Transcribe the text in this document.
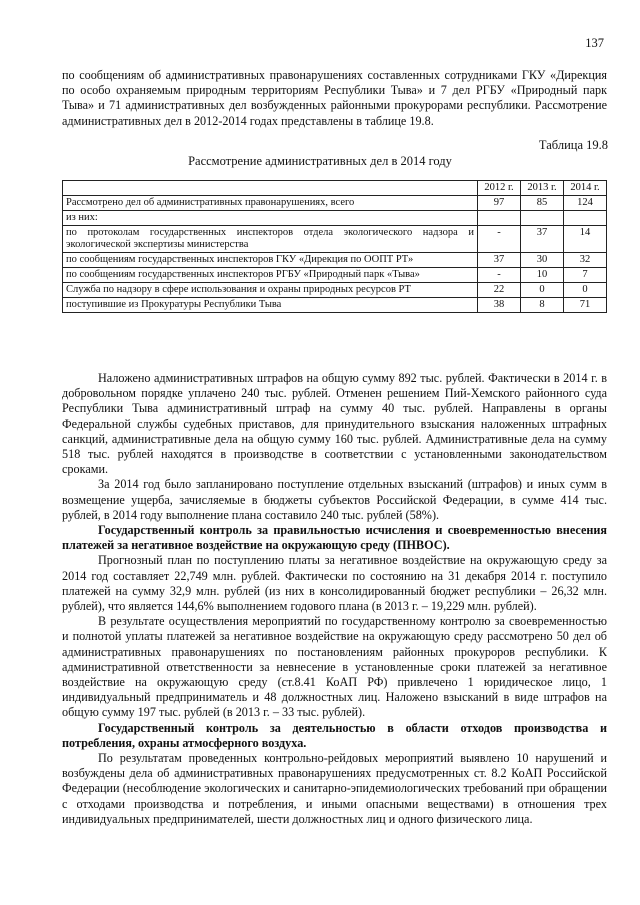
137

по сообщениям об административных правонарушениях составленных сотрудниками ГКУ «Дирекция по особо охраняемым природным территориям Республики Тыва» и 7 дел РГБУ «Природный парк Тыва» и 71 административных дел возбужденных районными прокурорами республики. Рассмотрение административных дел в 2012-2014 годах представлены в таблице 19.8.

Таблица 19.8
Рассмотрение административных дел в 2014 году
	2012 г.	2013 г.	2014 г.
Рассмотрено дел об административных правонарушениях, всего	97	85	124
из них:			
по протоколам государственных инспекторов отдела экологического надзора и экологической экспертизы министерства	-	37	14
по сообщениям государственных инспекторов ГКУ «Дирекция по ООПТ РТ»	37	30	32
по сообщениям государственных инспекторов РГБУ «Природный парк «Тыва»	-	10	7
Служба по надзору в сфере использования и охраны природных ресурсов РТ	22	0	0
поступившие из Прокуратуры Республики Тыва	38	8	71

Наложено административных штрафов на общую сумму 892 тыс. рублей. Фактически в 2014 г. в добровольном порядке уплачено 240 тыс. рублей. Отменен решением Пий-Хемского районного суда Республики Тыва административный штраф на сумму 40 тыс. рублей. Направлены в органы Федеральной службы судебных приставов, для принудительного взыскания наложенных штрафных санкций, административные дела на общую сумму 160 тыс. рублей. Административные дела на сумму 518 тыс. рублей находятся в производстве в соответствии с установленными законодательством сроками.

За 2014 год было запланировано поступление отдельных взысканий (штрафов) и иных сумм в возмещение ущерба, зачисляемые в бюджеты субъектов Российской Федерации, в сумме 414 тыс. рублей, в 2014 году выполнение плана составило 240 тыс. рублей (58%).

Государственный контроль за правильностью исчисления и своевременностью внесения платежей за негативное воздействие на окружающую среду (ПНВОС).

Прогнозный план по поступлению платы за негативное воздействие на окружающую среду за 2014 год составляет 22,749 млн. рублей. Фактически по состоянию на 31 декабря 2014 г. поступило платежей на сумму 32,9 млн. рублей (из них в консолидированный бюджет республики – 26,32 млн. рублей), что является 144,6% выполнением годового плана (в 2013 г. – 19,229 млн. рублей).

В результате осуществления мероприятий по государственному контролю за своевременностью и полнотой уплаты платежей за негативное воздействие на окружающую среду рассмотрено 50 дел об административных правонарушениях по постановлениям районных прокуроров республики. К административной ответственности за невнесение в установленные сроки платежей за негативное воздействие на окружающую среду (ст.8.41 КоАП РФ) привлечено 1 юридическое лицо, 1 индивидуальный предприниматель и 48 должностных лиц. Наложено взысканий в виде штрафов на общую сумму 197 тыс. рублей (в 2013 г. – 33 тыс. рублей).

Государственный контроль за деятельностью в области отходов производства и потребления, охраны атмосферного воздуха.

По результатам проведенных контрольно-рейдовых мероприятий выявлено 10 нарушений и возбуждены дела об административных правонарушениях предусмотренных ст. 8.2 КоАП Российской Федерации (несоблюдение экологических и санитарно-эпидемиологических требований при обращении с отходами производства и потребления, и иными опасными веществами) в отношения трех индивидуальных предпринимателей, шести должностных лиц и одного физического лица.
